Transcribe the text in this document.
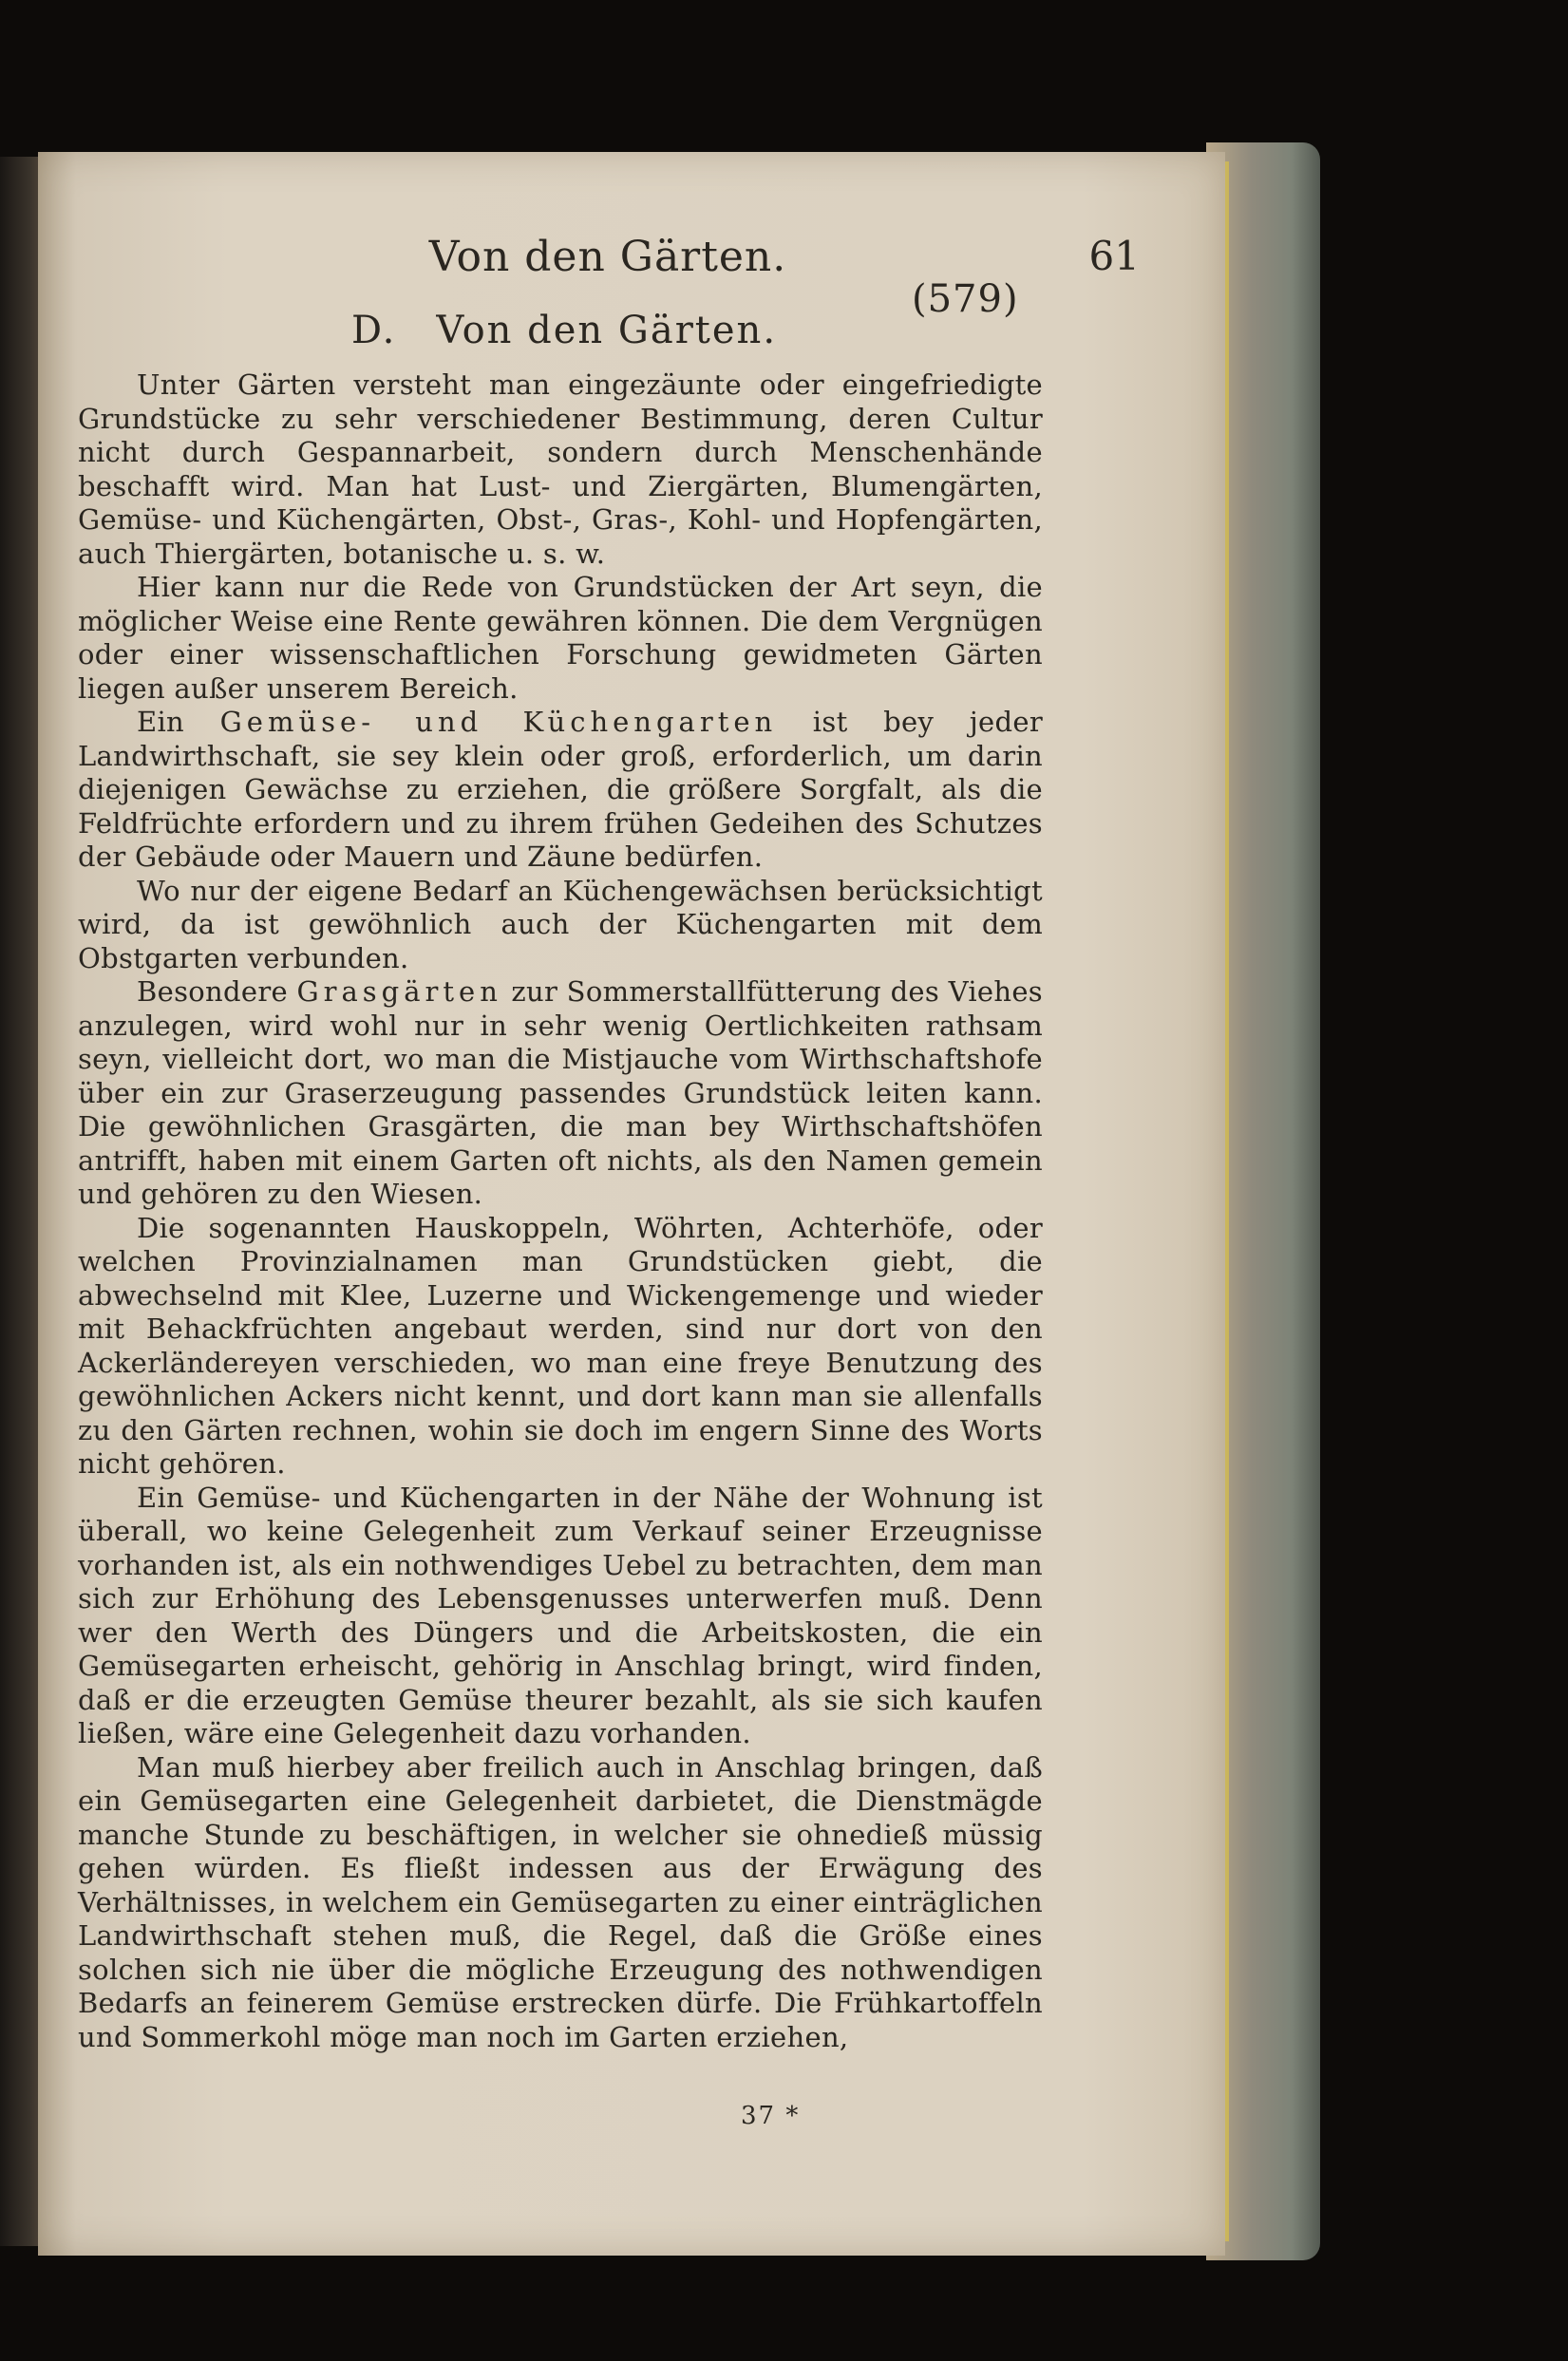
Von den Gärten.	61
(579)
D. Von den Gärten.

Unter Gärten versteht man eingezäunte oder eingefriedigte Grundstücke zu sehr verschiedener Bestimmung, deren Cultur nicht durch Gespannarbeit, sondern durch Menschenhände beschafft wird. Man hat Lust- und Ziergärten, Blumengärten, Gemüse- und Küchengärten, Obst-, Gras-, Kohl- und Hopfengärten, auch Thiergärten, botanische u. s. w.

Hier kann nur die Rede von Grundstücken der Art seyn, die möglicher Weise eine Rente gewähren können. Die dem Vergnügen oder einer wissenschaftlichen Forschung gewidmeten Gärten liegen außer unserem Bereich.

Ein Gemüse- und Küchengarten ist bey jeder Landwirthschaft, sie sey klein oder groß, erforderlich, um darin diejenigen Gewächse zu erziehen, die größere Sorgfalt, als die Feldfrüchte erfordern und zu ihrem frühen Gedeihen des Schutzes der Gebäude oder Mauern und Zäune bedürfen.

Wo nur der eigene Bedarf an Küchengewächsen berücksichtigt wird, da ist gewöhnlich auch der Küchengarten mit dem Obstgarten verbunden.

Besondere Grasgärten zur Sommerstallfütterung des Viehes anzulegen, wird wohl nur in sehr wenig Oertlichkeiten rathsam seyn, vielleicht dort, wo man die Mistjauche vom Wirthschaftshofe über ein zur Graserzeugung passendes Grundstück leiten kann. Die gewöhnlichen Grasgärten, die man bey Wirthschaftshöfen antrifft, haben mit einem Garten oft nichts, als den Namen gemein und gehören zu den Wiesen.

Die sogenannten Hauskoppeln, Wöhrten, Achterhöfe, oder welchen Provinzialnamen man Grundstücken giebt, die abwechselnd mit Klee, Luzerne und Wickengemenge und wieder mit Behackfrüchten angebaut werden, sind nur dort von den Ackerländereyen verschieden, wo man eine freye Benutzung des gewöhnlichen Ackers nicht kennt, und dort kann man sie allenfalls zu den Gärten rechnen, wohin sie doch im engern Sinne des Worts nicht gehören.

Ein Gemüse- und Küchengarten in der Nähe der Wohnung ist überall, wo keine Gelegenheit zum Verkauf seiner Erzeugnisse vorhanden ist, als ein nothwendiges Uebel zu betrachten, dem man sich zur Erhöhung des Lebensgenusses unterwerfen muß. Denn wer den Werth des Düngers und die Arbeitskosten, die ein Gemüsegarten erheischt, gehörig in Anschlag bringt, wird finden, daß er die erzeugten Gemüse theurer bezahlt, als sie sich kaufen ließen, wäre eine Gelegenheit dazu vorhanden.

Man muß hierbey aber freilich auch in Anschlag bringen, daß ein Gemüsegarten eine Gelegenheit darbietet, die Dienstmägde manche Stunde zu beschäftigen, in welcher sie ohnedieß müssig gehen würden. Es fließt indessen aus der Erwägung des Verhältnisses, in welchem ein Gemüsegarten zu einer einträglichen Landwirthschaft stehen muß, die Regel, daß die Größe eines solchen sich nie über die mögliche Erzeugung des nothwendigen Bedarfs an feinerem Gemüse erstrecken dürfe. Die Frühkartoffeln und Sommerkohl möge man noch im Garten erziehen,

37 *
